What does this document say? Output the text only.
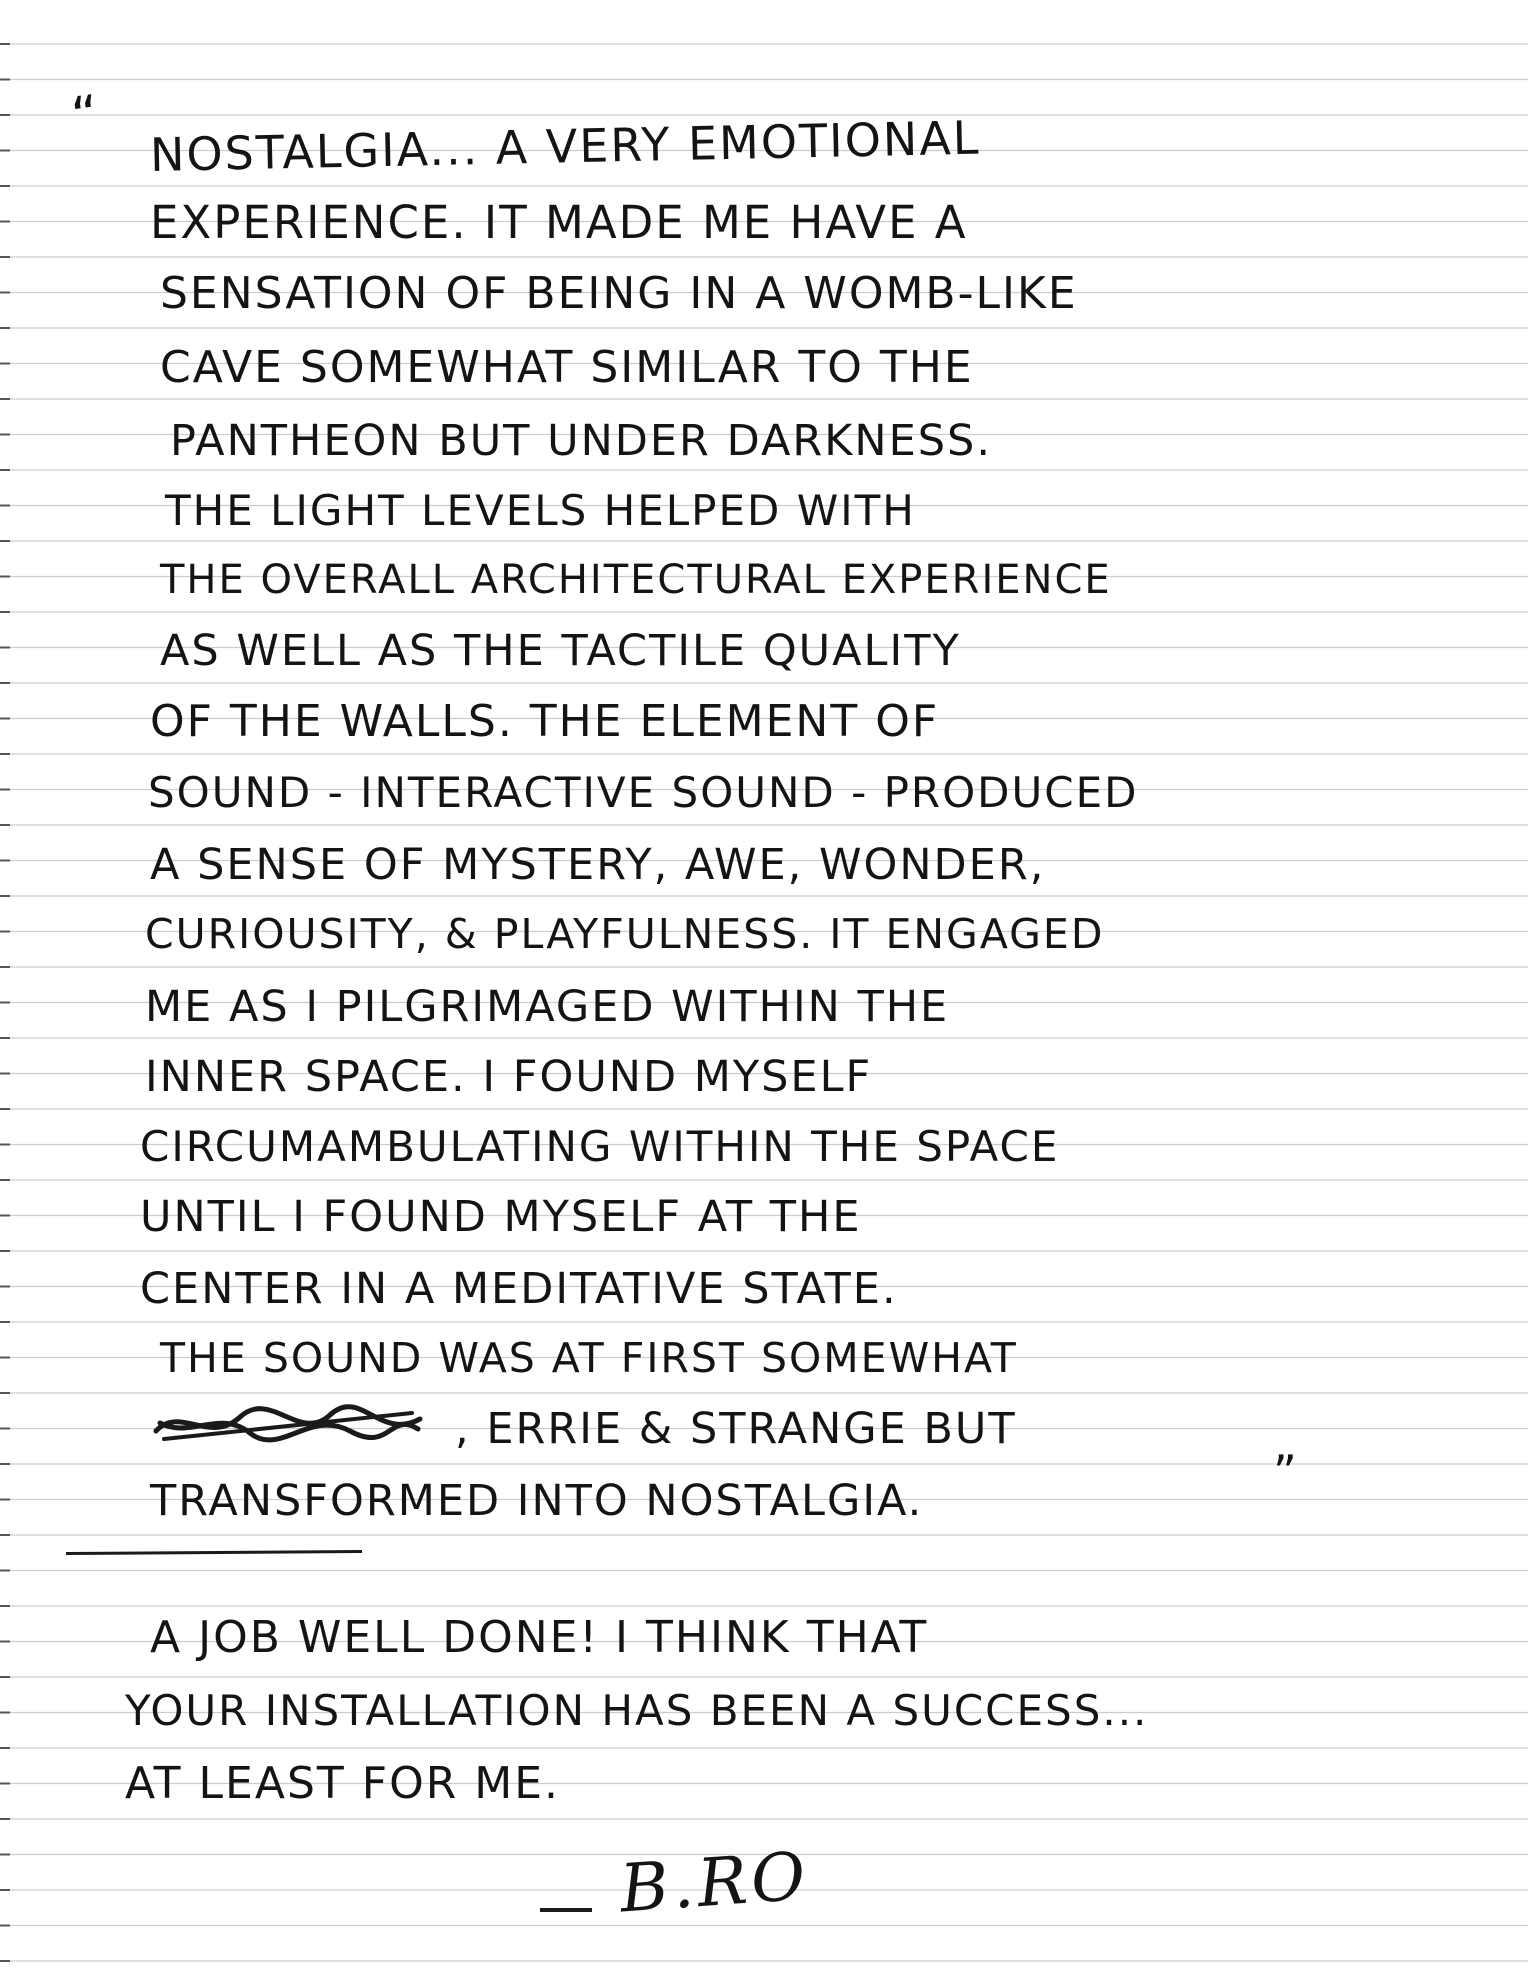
“ NOSTALGIA... A VERY EMOTIONAL

EXPERIENCE. IT MADE ME HAVE A

SENSATION OF BEING IN A WOMB-LIKE

CAVE SOMEWHAT SIMILAR TO THE

PANTHEON BUT UNDER DARKNESS.

THE LIGHT LEVELS HELPED WITH

THE OVERALL ARCHITECTURAL EXPERIENCE

AS WELL AS THE TACTILE QUALITY

OF THE WALLS. THE ELEMENT OF

SOUND - INTERACTIVE SOUND - PRODUCED

A SENSE OF MYSTERY, AWE, WONDER,

CURIOUSITY, & PLAYFULNESS. IT ENGAGED

ME AS I PILGRIMAGED WITHIN THE

INNER SPACE. I FOUND MYSELF

CIRCUMAMBULATING WITHIN THE SPACE

UNTIL I FOUND MYSELF AT THE

CENTER IN A MEDITATIVE STATE.

THE SOUND WAS AT FIRST SOMEWHAT

, ERRIE & STRANGE BUT

TRANSFORMED INTO NOSTALGIA.

”

A JOB WELL DONE! I THINK THAT

YOUR INSTALLATION HAS BEEN A SUCCESS...

AT LEAST FOR ME.

B.RO
